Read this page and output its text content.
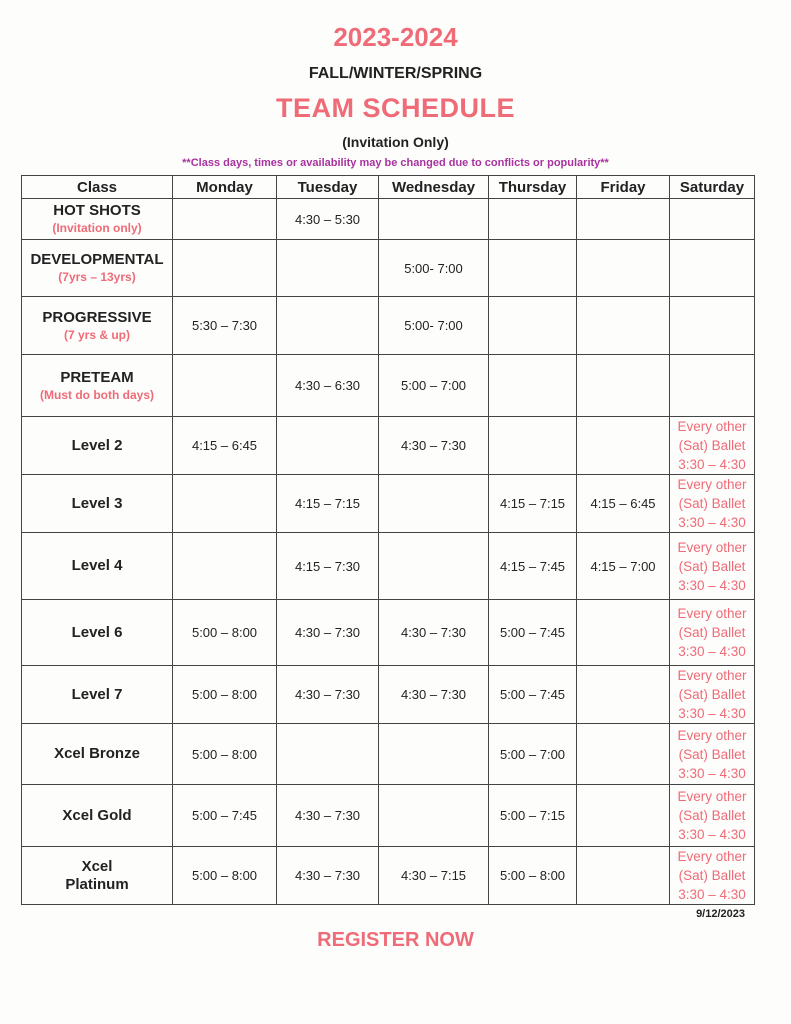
2023-2024
FALL/WINTER/SPRING
TEAM SCHEDULE
(Invitation Only)
**Class days, times or availability may be changed due to conflicts or popularity**
Class	Monday	Tuesday	Wednesday	Thursday	Friday	Saturday

HOT SHOTS
(Invitation only)		4:30 – 5:30				

DEVELOPMENTAL
(7yrs – 13yrs)			5:00- 7:00			

PROGRESSIVE
(7 yrs & up)	5:30 – 7:30		5:00- 7:00			

PRETEAM
(Must do both days)		4:30 – 6:30	5:00 – 7:00			

Level 2	4:15 – 6:45		4:30 – 7:30			Every other
(Sat) Ballet
3:30 – 4:30

Level 3		4:15 – 7:15		4:15 – 7:15	4:15 – 6:45	Every other
(Sat) Ballet
3:30 – 4:30

Level 4		4:15 – 7:30		4:15 – 7:45	4:15 – 7:00	Every other
(Sat) Ballet
3:30 – 4:30

Level 6	5:00 – 8:00	4:30 – 7:30	4:30 – 7:30	5:00 – 7:45		Every other
(Sat) Ballet
3:30 – 4:30

Level 7	5:00 – 8:00	4:30 – 7:30	4:30 – 7:30	5:00 – 7:45		Every other
(Sat) Ballet
3:30 – 4:30

Xcel Bronze	5:00 – 8:00			5:00 – 7:00		Every other
(Sat) Ballet
3:30 – 4:30

Xcel Gold	5:00 – 7:45	4:30 – 7:30		5:00 – 7:15		Every other
(Sat) Ballet
3:30 – 4:30

Xcel
Platinum	5:00 – 8:00	4:30 – 7:30	4:30 – 7:15	5:00 – 8:00		Every other
(Sat) Ballet
3:30 – 4:30
9/12/2023
REGISTER NOW
